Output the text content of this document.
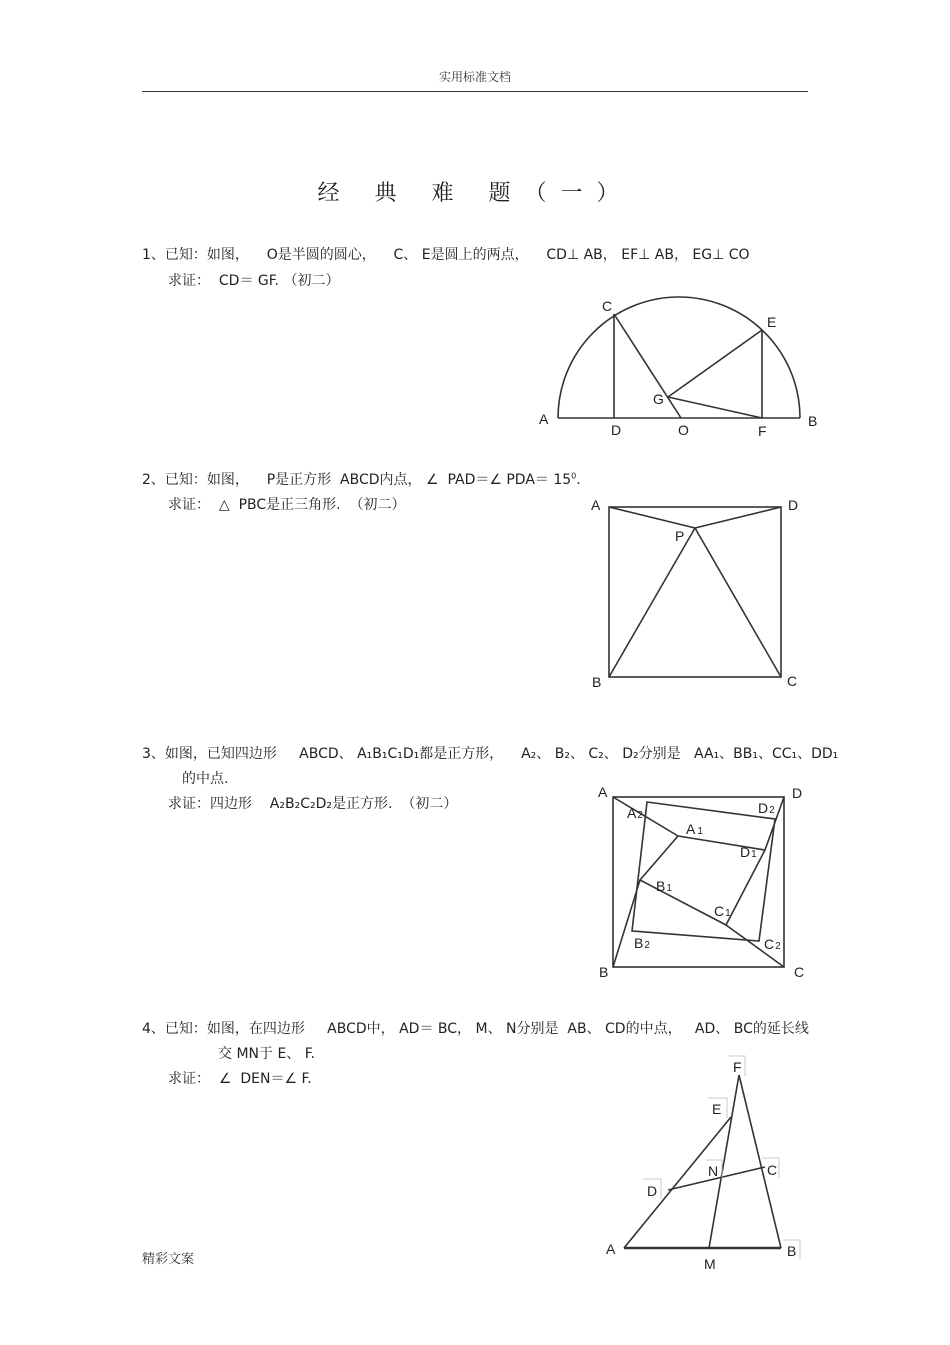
实用标准文档
经 典 难 题（一）
1、已知：如图，    O是半圆的圆心，    C、 E是圆上的两点，    CD⊥ AB， EF⊥ AB， EG⊥ CO
求证：  CD＝ GF. （初二）
C
E
G
A	B
D	O	F
2、已知：如图，    P是正方形  ABCD内点， ∠  PAD＝∠ $PDA= 15^0$.
求证：  △  PBC是正三角形.  （初二）	A	D
P
B	C
3、如图，已知四边形     ABCD、 A₁B₁C₁D₁都是正方形，    A₂、 B₂、 C₂、 D₂分别是   AA₁、BB₁、CC₁、DD₁
的中点.
求证：四边形    A₂B₂C₂D₂是正方形.  （初二）
A	D
B	C
A2	D2
A 1
D1
B1
C1
B2	C2
4、已知：如图，在四边形     ABCD中， AD＝ BC， M、 N分别是  AB、 CD的中点，   AD、 BC的延长线
交 MN于 E、 F.
求证：  ∠  DEN＝∠ F.
F
E
N	C
D
A	B
M
精彩文案
